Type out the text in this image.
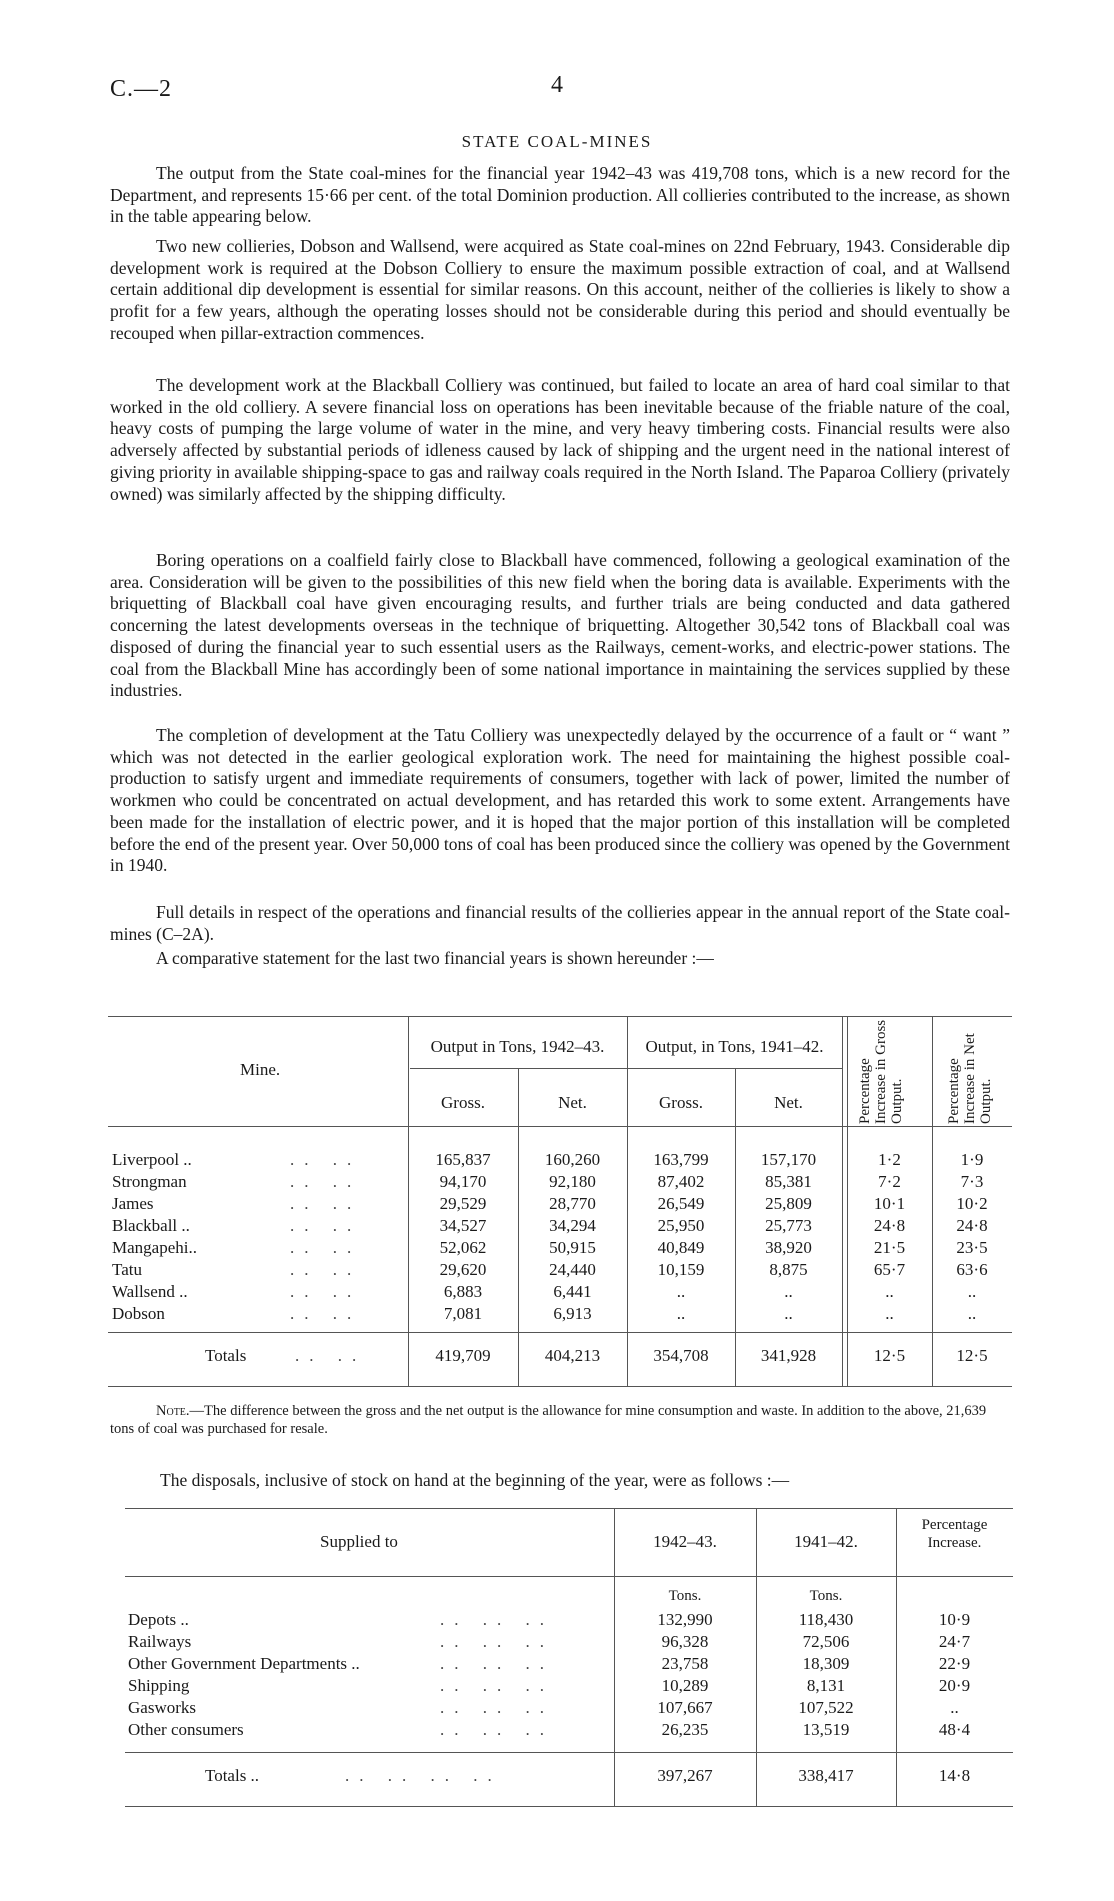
C.—2	4
STATE COAL-MINES

The output from the State coal-mines for the financial year 1942–43 was 419,708 tons, which is a new record for the Department, and represents 15·66 per cent. of the total Dominion production. All collieries contributed to the increase, as shown in the table appearing below.

Two new collieries, Dobson and Wallsend, were acquired as State coal-mines on 22nd February, 1943. Considerable dip development work is required at the Dobson Colliery to ensure the maximum possible extraction of coal, and at Wallsend certain additional dip development is essential for similar reasons. On this account, neither of the collieries is likely to show a profit for a few years, although the operating losses should not be considerable during this period and should eventually be recouped when pillar-extraction commences.

The development work at the Blackball Colliery was continued, but failed to locate an area of hard coal similar to that worked in the old colliery. A severe financial loss on operations has been inevitable because of the friable nature of the coal, heavy costs of pumping the large volume of water in the mine, and very heavy timbering costs. Financial results were also adversely affected by substantial periods of idleness caused by lack of shipping and the urgent need in the national interest of giving priority in available shipping-space to gas and railway coals required in the North Island. The Paparoa Colliery (privately owned) was similarly affected by the shipping difficulty.

Boring operations on a coalfield fairly close to Blackball have commenced, following a geological examination of the area. Consideration will be given to the possibilities of this new field when the boring data is available. Experiments with the briquetting of Blackball coal have given encouraging results, and further trials are being conducted and data gathered concerning the latest developments overseas in the technique of briquetting. Altogether 30,542 tons of Blackball coal was disposed of during the financial year to such essential users as the Railways, cement-works, and electric-power stations. The coal from the Blackball Mine has accordingly been of some national importance in maintaining the services supplied by these industries.

The completion of development at the Tatu Colliery was unexpectedly delayed by the occurrence of a fault or “ want ” which was not detected in the earlier geological exploration work. The need for maintaining the highest possible coal-production to satisfy urgent and immediate requirements of consumers, together with lack of power, limited the number of workmen who could be concentrated on actual development, and has retarded this work to some extent. Arrangements have been made for the installation of electric power, and it is hoped that the major portion of this installation will be completed before the end of the present year. Over 50,000 tons of coal has been produced since the colliery was opened by the Government in 1940.

Full details in respect of the operations and financial results of the collieries appear in the annual report of the State coal-mines (C–2A).

A comparative statement for the last two financial years is shown hereunder :—

Mine.
Output in Tons, 1942–43.	Output, in Tons, 1941–42.
Gross.	Net.	Gross.	Net.	Percentage Increase in Gross Output.	Percentage Increase in Net Output.
Liverpool ..	.. ..	165,837	160,260	163,799	157,170	1·2	1·9
Strongman	.. ..	94,170	92,180	87,402	85,381	7·2	7·3
James	.. ..	29,529	28,770	26,549	25,809	10·1	10·2
Blackball ..	.. ..	34,527	34,294	25,950	25,773	24·8	24·8
Mangapehi..	.. ..	52,062	50,915	40,849	38,920	21·5	23·5
Tatu	.. ..	29,620	24,440	10,159	8,875	65·7	63·6
Wallsend ..	.. ..	6,883	6,441	..	..	..	..
Dobson	.. ..	7,081	6,913	..	..	..	..
Totals	.. ..	419,709	404,213	354,708	341,928	12·5	12·5
Note.—The difference between the gross and the net output is the allowance for mine consumption and waste. In addition to the above, 21,639 tons of coal was purchased for resale.
The disposals, inclusive of stock on hand at the beginning of the year, were as follows :—
Supplied to	1942–43.	1941–42.
Percentage Increase.
Tons.	Tons.
Depots ..	.. .. ..	132,990	118,430	10·9
Railways	.. .. ..	96,328	72,506	24·7
Other Government Departments ..	.. .. ..	23,758	18,309	22·9
Shipping	.. .. ..	10,289	8,131	20·9
Gasworks	.. .. ..	107,667	107,522	..
Other consumers	.. .. ..	26,235	13,519	48·4
Totals ..	.. .. .. ..	397,267	338,417	14·8
